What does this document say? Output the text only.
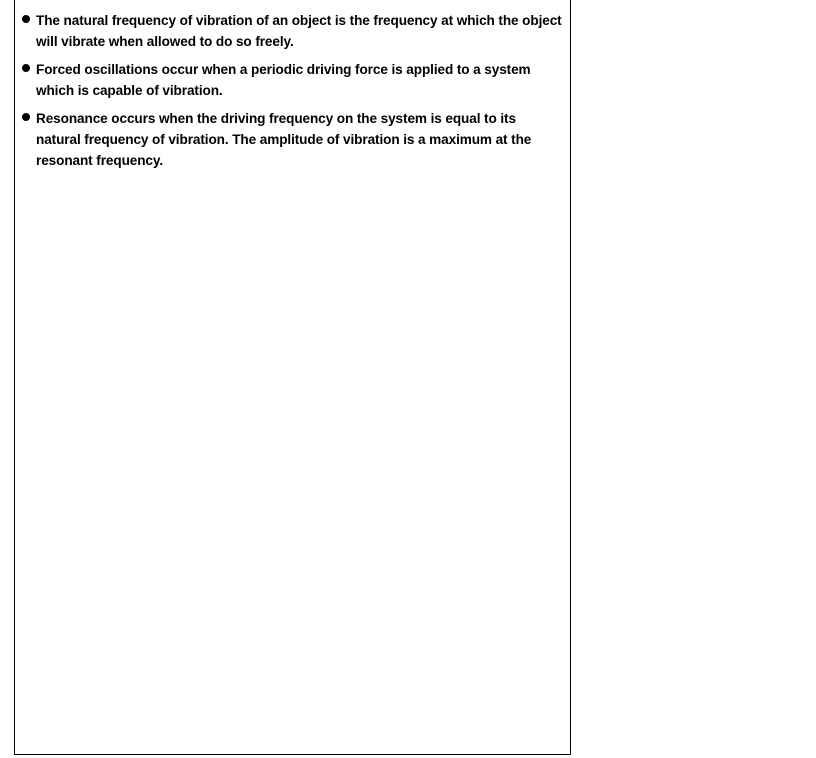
The natural frequency of vibration of an object is the frequency at which the object will vibrate when allowed to do so freely.
Forced oscillations occur when a periodic driving force is applied to a system which is capable of vibration.
Resonance occurs when the driving frequency on the system is equal to its natural frequency of vibration. The amplitude of vibration is a maximum at the resonant frequency.
